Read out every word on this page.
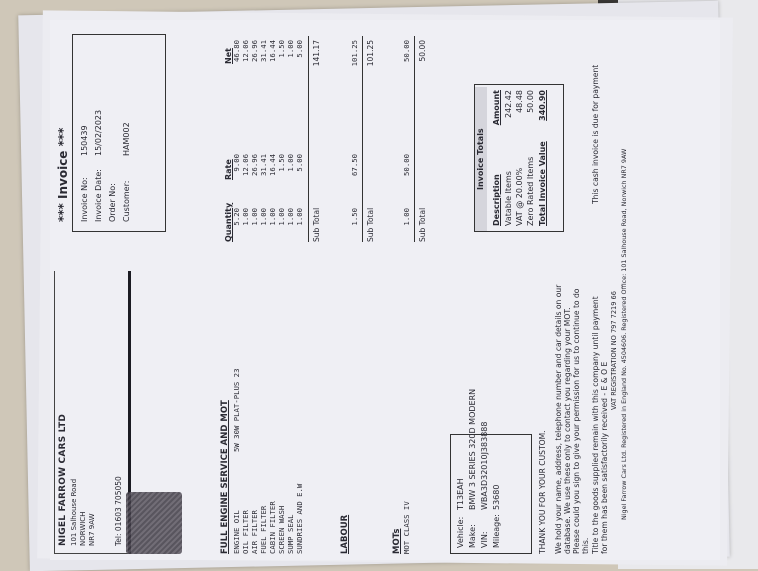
NIGEL FARROW CARS LTD 101 Salhouse Road NORWICH NR7 9AW Tel: 01603 705050
*** Invoice *** Invoice No:
150439
Invoice Date:
15/02/2023
Order No: Customer:
HAM002
Quantity
Rate
Net
FULL ENGINE SERVICE AND MOT ENGINE OIL
5W 30W PLAT-PLUS 23
5.20
9.00
46.80
OIL FILTER
1.00
12.06
12.06
AIR FILTER
1.00
26.96
26.96
FUEL FILTER
1.00
31.41
31.41
CABIN FILTER
1.00
16.44
16.44
SCREEN WASH
1.00
1.50
1.50
SUMP SEAL
1.00
1.00
1.00
SUNDRIES AND E.W
1.00
5.00
5.00
Sub Total
141.17
LABOUR
1.50
67.50
101.25
Sub Total
101.25
MOTs MOT CLASS IV
1.00
50.00
50.00
Sub Total
50.00
Vehicle:
T13EAH
Make:
BMW 3 SERIES 320D MODERN
VIN:
WBA3D32010J383888
Mileage:
53680
Invoice Totals
Description
Amount
Vatable Items
242.42
VAT @ 20.00%
48.48
Zero Rated Items
50.00
Total Invoice Value
340.90
THANK YOU FOR YOUR CUSTOM. We hold your name, address, telephone number and car details on our database. We use these only to contact you regarding your MOT. Please could you sign to give your permission for us to continue to do this. Title to the goods supplied remain with this company until payment for them has been satisfactorily received - E & O E
This cash invoice is due for payment
VAT REGISTRATION NO 797 7219 66 Nigel Farrow Cars Ltd. Registered in England No. 4504606. Registered Office: 101 Salhouse Road, Norwich NR7 9AW
